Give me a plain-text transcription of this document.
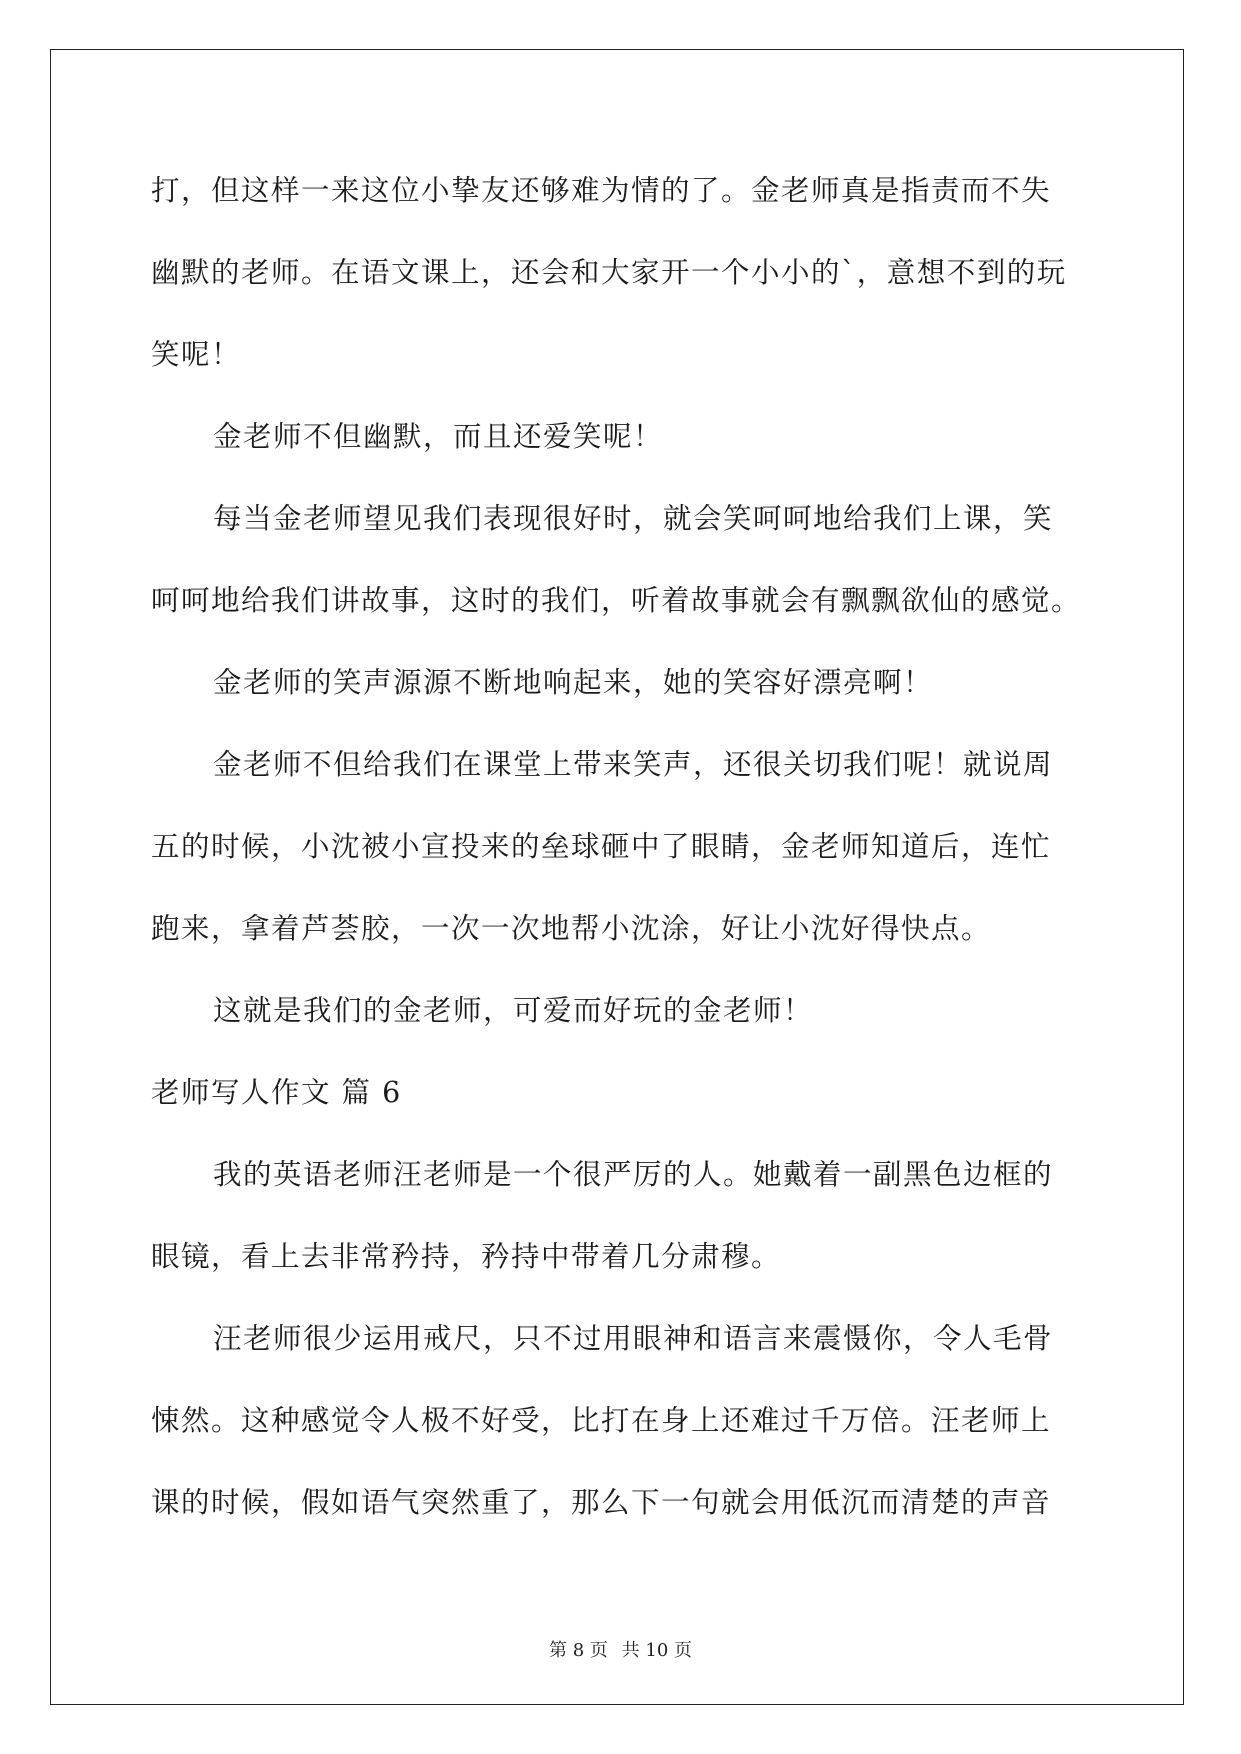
打，但这样一来这位小挚友还够难为情的了。金老师真是指责而不失
幽默的老师。在语文课上，还会和大家开一个小小的`，意想不到的玩
笑呢！
金老师不但幽默，而且还爱笑呢！
每当金老师望见我们表现很好时，就会笑呵呵地给我们上课，笑
呵呵地给我们讲故事，这时的我们，听着故事就会有飘飘欲仙的感觉。
金老师的笑声源源不断地响起来，她的笑容好漂亮啊！
金老师不但给我们在课堂上带来笑声，还很关切我们呢！就说周
五的时候，小沈被小宣投来的垒球砸中了眼睛，金老师知道后，连忙
跑来，拿着芦荟胶，一次一次地帮小沈涂，好让小沈好得快点。
这就是我们的金老师，可爱而好玩的金老师！
老师写人作文 篇 6
我的英语老师汪老师是一个很严厉的人。她戴着一副黑色边框的
眼镜，看上去非常矜持，矜持中带着几分肃穆。
汪老师很少运用戒尺，只不过用眼神和语言来震慑你，令人毛骨
悚然。这种感觉令人极不好受，比打在身上还难过千万倍。汪老师上
课的时候，假如语气突然重了，那么下一句就会用低沉而清楚的声音
第 8 页 共 10 页
